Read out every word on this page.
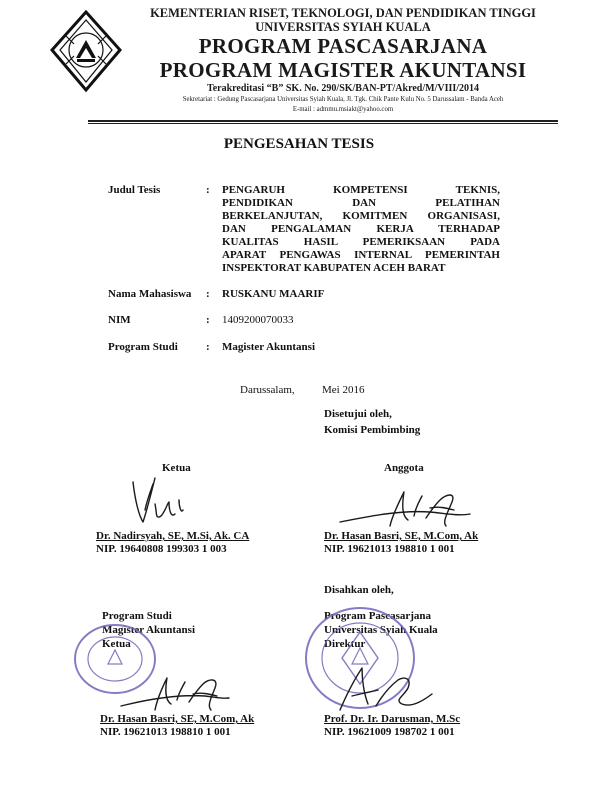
KEMENTERIAN RISET, TEKNOLOGI, DAN PENDIDIKAN TINGGI
UNIVERSITAS SYIAH KUALA
PROGRAM PASCASARJANA
PROGRAM MAGISTER AKUNTANSI
Terakreditasi “B” SK. No. 290/SK/BAN-PT/Akred/M/VIII/2014
Sekretariat : Gedung Pascasarjana Universitas Syiah Kuala, Jl. Tgk. Chik Pante Kulu No. 5 Darussalam - Banda Aceh
E-mail : admmu.msiakt@yahoo.com
PENGESAHAN TESIS
Judul Tesis	: PENGARUH KOMPETENSI TEKNIS,
PENDIDIKAN DAN PELATIHAN
BERKELANJUTAN, KOMITMEN ORGANISASI,
DAN PENGALAMAN KERJA TERHADAP
KUALITAS HASIL PEMERIKSAAN PADA
APARAT PENGAWAS INTERNAL PEMERINTAH
INSPEKTORAT KABUPATEN ACEH BARAT
Nama Mahasiswa : RUSKANU MAARIF
NIM	: 1409200070033
Program Studi	: Magister Akuntansi
Darussalam, Mei 2016
Disetujui oleh,
Komisi Pembimbing
Ketua	Anggota
Dr. Nadirsyah, SE, M.Si, Ak. CA
NIP. 19640808 199303 1 003
Dr. Hasan Basri, SE, M.Com, Ak
NIP. 19621013 198810 1 001
Disahkan oleh,
Program Studi
Magister Akuntansi
Ketua
Program Pascasarjana
Universitas Syiah Kuala
Direktur
Dr. Hasan Basri, SE, M.Com, Ak
NIP. 19621013 198810 1 001
Prof. Dr. Ir. Darusman, M.Sc
NIP. 19621009 198702 1 001
